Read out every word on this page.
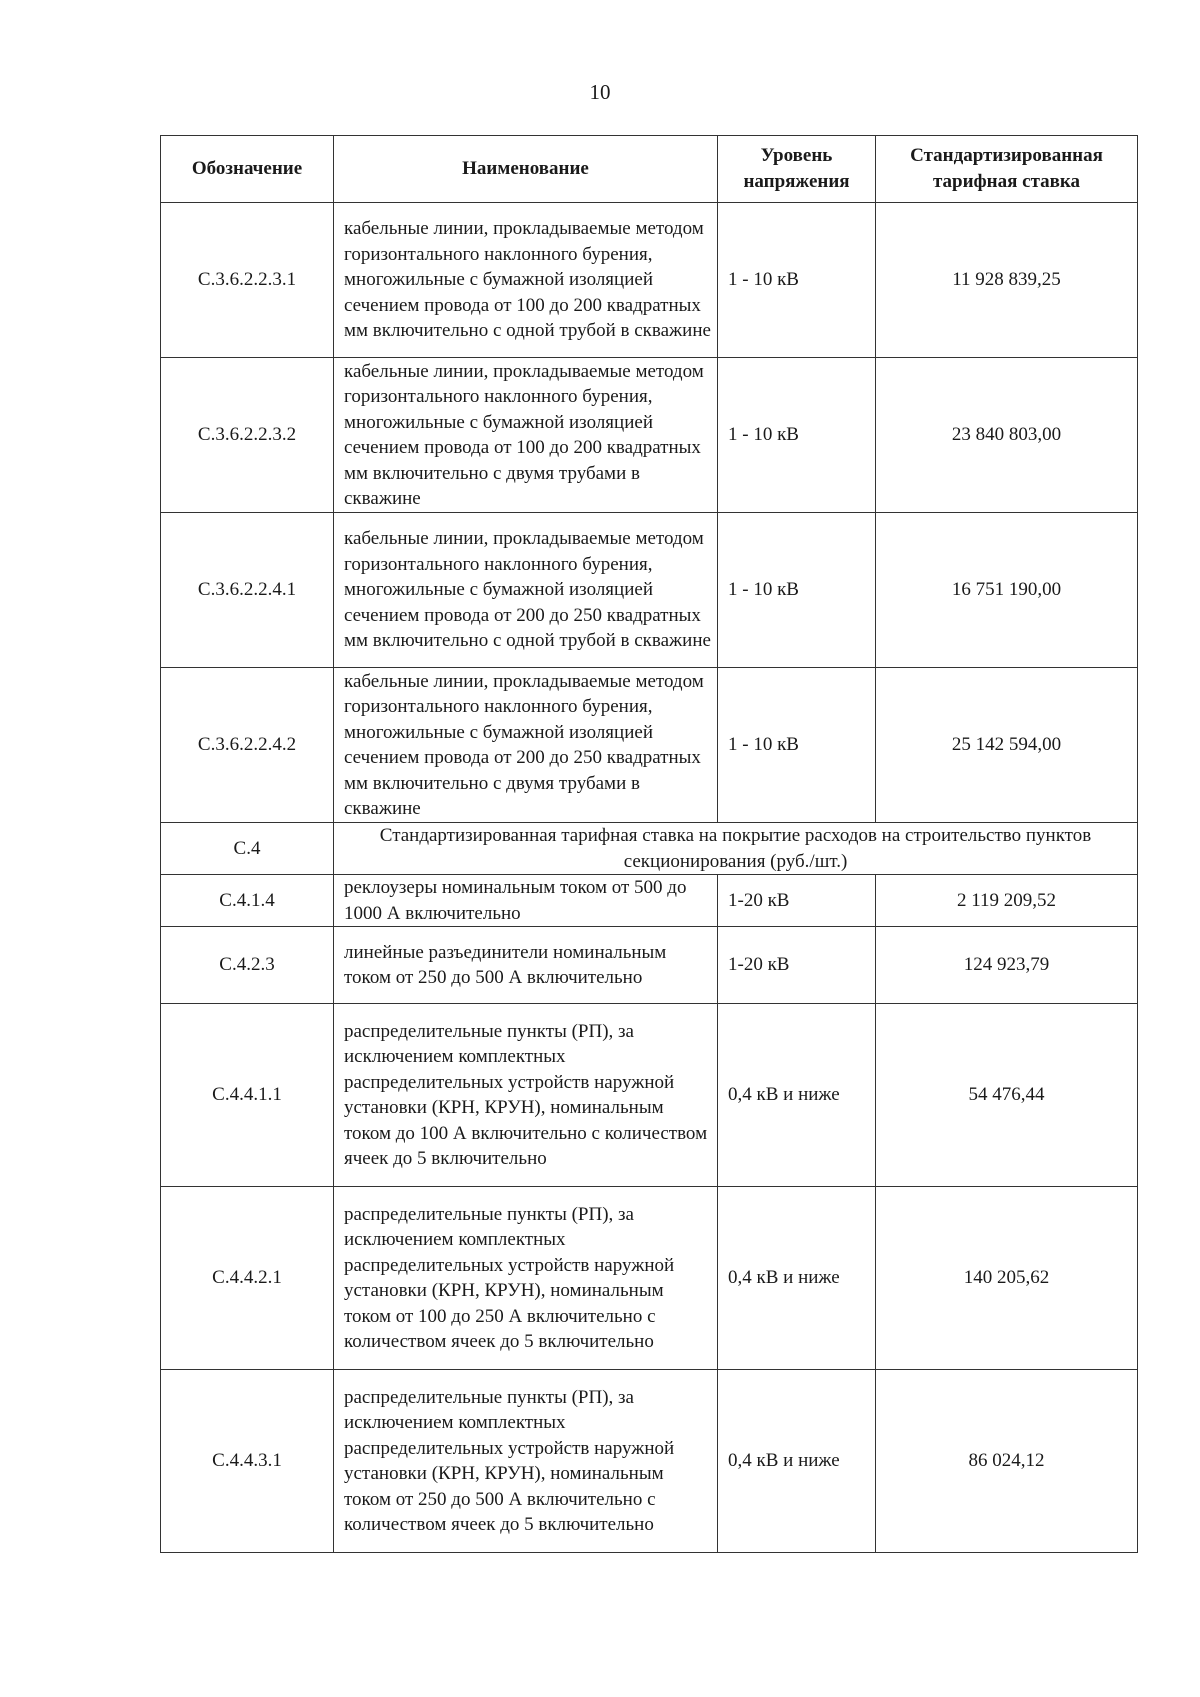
10
Обозначение	Наименование	Уровень напряжения	Стандартизированная тарифная ставка
С.3.6.2.2.3.1	кабельные линии, прокладываемые методом горизонтального наклонного бурения, многожильные с бумажной изоляцией сечением провода от 100 до 200 квадратных мм включительно с одной трубой в скважине	1 - 10 кВ	11 928 839,25
С.3.6.2.2.3.2	кабельные линии, прокладываемые методом горизонтального наклонного бурения, многожильные с бумажной изоляцией сечением провода от 100 до 200 квадратных мм включительно с двумя трубами в скважине	1 - 10 кВ	23 840 803,00
С.3.6.2.2.4.1	кабельные линии, прокладываемые методом горизонтального наклонного бурения, многожильные с бумажной изоляцией сечением провода от 200 до 250 квадратных мм включительно с одной трубой в скважине	1 - 10 кВ	16 751 190,00
С.3.6.2.2.4.2	кабельные линии, прокладываемые методом горизонтального наклонного бурения, многожильные с бумажной изоляцией сечением провода от 200 до 250 квадратных мм включительно с двумя трубами в скважине	1 - 10 кВ	25 142 594,00
С.4	Стандартизированная тарифная ставка на покрытие расходов на строительство пунктов секционирования (руб./шт.)		
С.4.1.4	реклоузеры номинальным током от 500 до 1000 А включительно	1-20 кВ	2 119 209,52
С.4.2.3	линейные разъединители номинальным током от 250 до 500 А включительно	1-20 кВ	124 923,79
С.4.4.1.1	распределительные пункты (РП), за исключением комплектных распределительных устройств наружной установки (КРН, КРУН), номинальным током до 100 А включительно с количеством ячеек до 5 включительно	0,4 кВ и ниже	54 476,44
С.4.4.2.1	распределительные пункты (РП), за исключением комплектных распределительных устройств наружной установки (КРН, КРУН), номинальным током от 100 до 250 А включительно с количеством ячеек до 5 включительно	0,4 кВ и ниже	140 205,62
С.4.4.3.1	распределительные пункты (РП), за исключением комплектных распределительных устройств наружной установки (КРН, КРУН), номинальным током от 250 до 500 А включительно с количеством ячеек до 5 включительно	0,4 кВ и ниже	86 024,12
